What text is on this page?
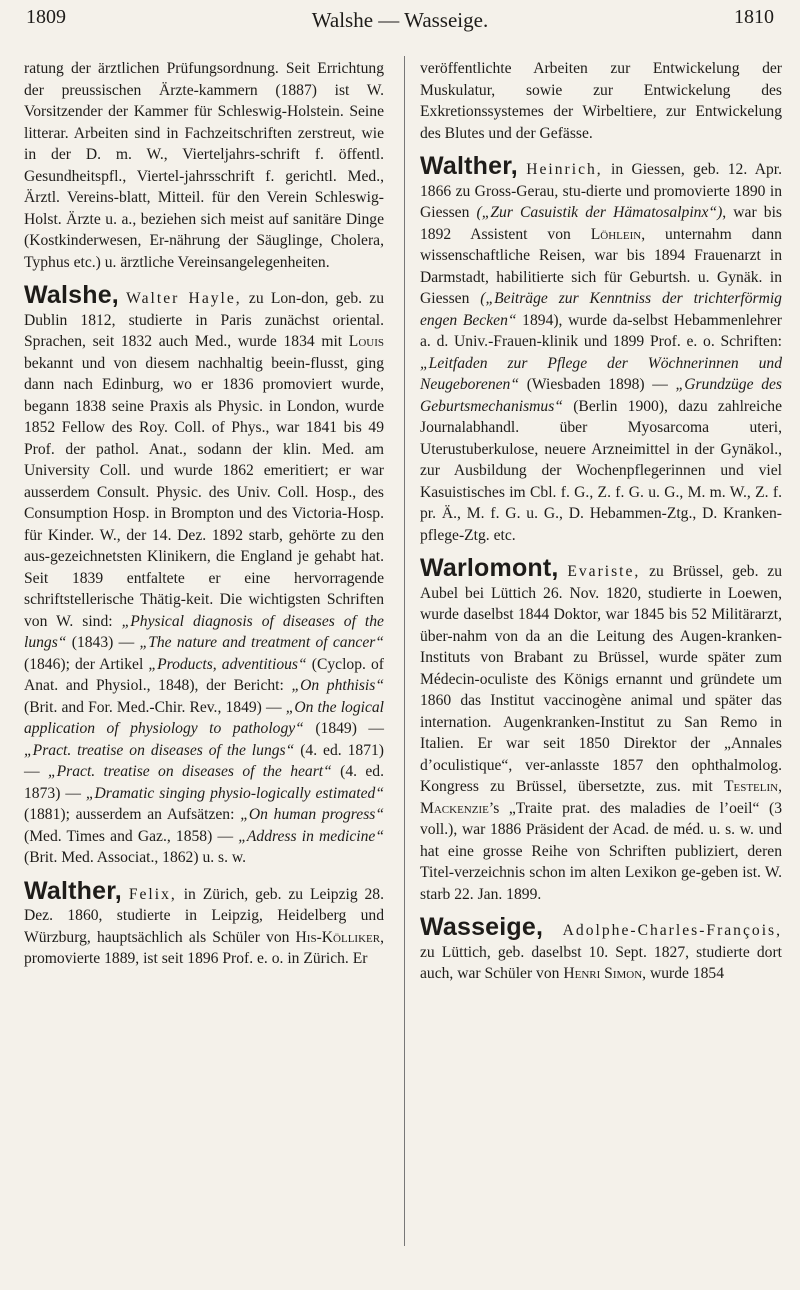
1809	Walshe — Wasseige.	1810

ratung der ärztlichen Prüfungsordnung. Seit Errichtung der preussischen Ärzte-kammern (1887) ist W. Vorsitzender der Kammer für Schleswig-Holstein. Seine litterar. Arbeiten sind in Fachzeitschriften zerstreut, wie in der D. m. W., Vierteljahrs-schrift f. öffentl. Gesundheitspfl., Viertel-jahrsschrift f. gerichtl. Med., Ärztl. Vereins-blatt, Mitteil. für den Verein Schleswig-Holst. Ärzte u. a., beziehen sich meist auf sanitäre Dinge (Kostkinderwesen, Er-nährung der Säuglinge, Cholera, Typhus etc.) u. ärztliche Vereinsangelegenheiten.

Walshe, Walter Hayle, zu Lon-don, geb. zu Dublin 1812, studierte in Paris zunächst oriental. Sprachen, seit 1832 auch Med., wurde 1834 mit Louis bekannt und von diesem nachhaltig beein-flusst, ging dann nach Edinburg, wo er 1836 promoviert wurde, begann 1838 seine Praxis als Physic. in London, wurde 1852 Fellow des Roy. Coll. of Phys., war 1841 bis 49 Prof. der pathol. Anat., sodann der klin. Med. am University Coll. und wurde 1862 emeritiert; er war ausserdem Consult. Physic. des Univ. Coll. Hosp., des Consumption Hosp. in Brompton und des Victoria-Hosp. für Kinder. W., der 14. Dez. 1892 starb, gehörte zu den aus-gezeichnetsten Klinikern, die England je gehabt hat. Seit 1839 entfaltete er eine hervorragende schriftstellerische Thätig-keit. Die wichtigsten Schriften von W. sind: „Physical diagnosis of diseases of the lungs“ (1843) — „The nature and treatment of cancer“ (1846); der Artikel „Products, adventitious“ (Cyclop. of Anat. and Physiol., 1848), der Bericht: „On phthisis“ (Brit. and For. Med.-Chir. Rev., 1849) — „On the logical application of physiology to pathology“ (1849) — „Pract. treatise on diseases of the lungs“ (4. ed. 1871) — „Pract. treatise on diseases of the heart“ (4. ed. 1873) — „Dramatic singing physio-logically estimated“ (1881); ausserdem an Aufsätzen: „On human progress“ (Med. Times and Gaz., 1858) — „Address in medicine“ (Brit. Med. Associat., 1862) u. s. w.

Walther, Felix, in Zürich, geb. zu Leipzig 28. Dez. 1860, studierte in Leipzig, Heidelberg und Würzburg, hauptsächlich als Schüler von His-Kölliker, promovierte 1889, ist seit 1896 Prof. e. o. in Zürich. Er

veröffentlichte Arbeiten zur Entwickelung der Muskulatur, sowie zur Entwickelung des Exkretionssystemes der Wirbeltiere, zur Entwickelung des Blutes und der Gefässe.

Walther, Heinrich, in Giessen, geb. 12. Apr. 1866 zu Gross-Gerau, stu-dierte und promovierte 1890 in Giessen („Zur Casuistik der Hämatosalpinx“), war bis 1892 Assistent von Löhlein, unternahm dann wissenschaftliche Reisen, war bis 1894 Frauenarzt in Darmstadt, habilitierte sich für Geburtsh. u. Gynäk. in Giessen („Beiträge zur Kenntniss der trichterförmig engen Becken“ 1894), wurde da-selbst Hebammenlehrer a. d. Univ.-Frauen-klinik und 1899 Prof. e. o. Schriften: „Leitfaden zur Pflege der Wöchnerinnen und Neugeborenen“ (Wiesbaden 1898) — „Grundzüge des Geburtsmechanismus“ (Berlin 1900), dazu zahlreiche Journalabhandl. über Myosarcoma uteri, Uterustuberkulose, neuere Arzneimittel in der Gynäkol., zur Ausbildung der Wochenpflegerinnen und viel Kasuistisches im Cbl. f. G., Z. f. G. u. G., M. m. W., Z. f. pr. Ä., M. f. G. u. G., D. Hebammen-Ztg., D. Kranken-pflege-Ztg. etc.

Warlomont, Evariste, zu Brüssel, geb. zu Aubel bei Lüttich 26. Nov. 1820, studierte in Loewen, wurde daselbst 1844 Doktor, war 1845 bis 52 Militärarzt, über-nahm von da an die Leitung des Augen-kranken-Instituts von Brabant zu Brüssel, wurde später zum Médecin-oculiste des Königs ernannt und gründete um 1860 das Institut vaccinogène animal und später das internation. Augenkranken-Institut zu San Remo in Italien. Er war seit 1850 Direktor der „Annales d’oculistique“, ver-anlasste 1857 den ophthalmolog. Kongress zu Brüssel, übersetzte, zus. mit Testelin, Mackenzie’s „Traite prat. des maladies de l’oeil“ (3 voll.), war 1886 Präsident der Acad. de méd. u. s. w. und hat eine grosse Reihe von Schriften publiziert, deren Titel-verzeichnis schon im alten Lexikon ge-geben ist. W. starb 22. Jan. 1899.

Wasseige, Adolphe-Charles-François, zu Lüttich, geb. daselbst 10. Sept. 1827, studierte dort auch, war Schüler von Henri Simon, wurde 1854
